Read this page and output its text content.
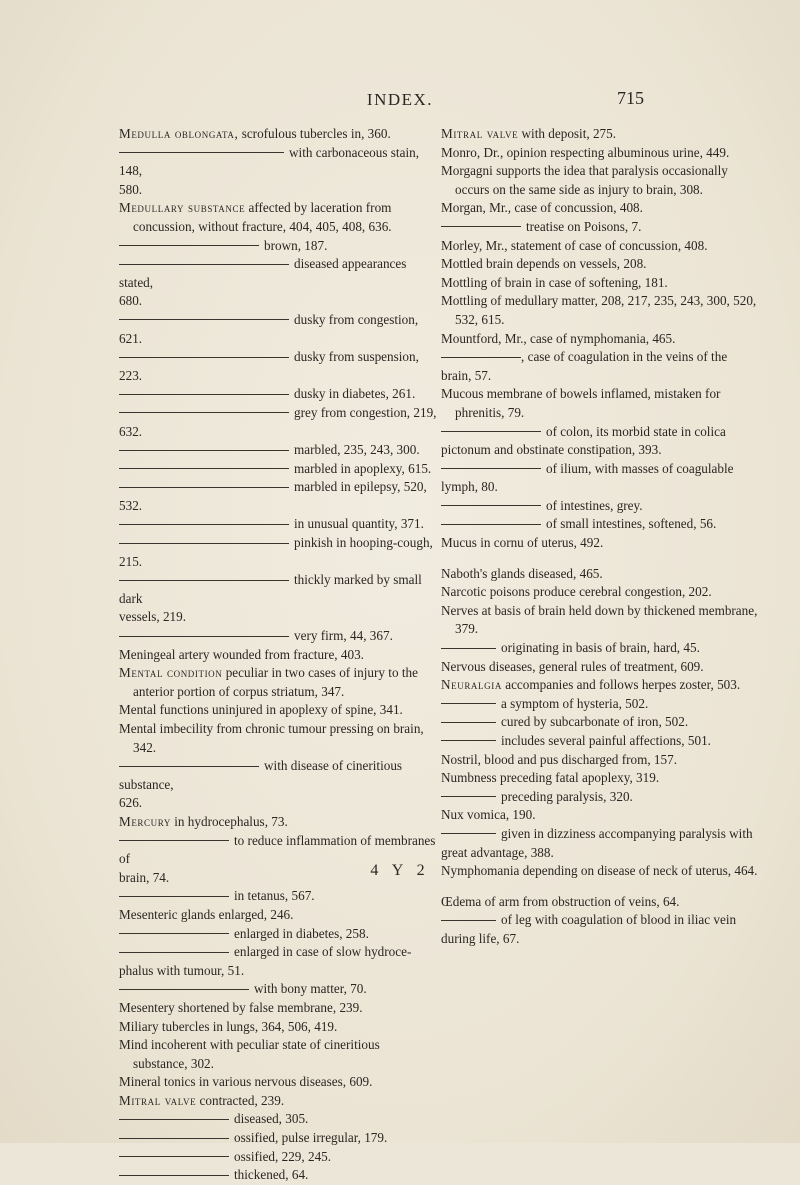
INDEX.	715

Medulla oblongata, scrofulous tubercles in, 360.

with carbonaceous stain, 148,
580.

Medullary substance affected by laceration from concussion, without fracture, 404, 405, 408, 636.

brown, 187.

diseased appearances stated,
680.

dusky from congestion, 621.

dusky from suspension, 223.

dusky in diabetes, 261.

grey from congestion, 219,
632.

marbled, 235, 243, 300.

marbled in apoplexy, 615.

marbled in epilepsy, 520, 532.

in unusual quantity, 371.

pinkish in hooping-cough, 215.

thickly marked by small dark
vessels, 219.

very firm, 44, 367.

Meningeal artery wounded from fracture, 403.

Mental condition peculiar in two cases of injury to the anterior portion of corpus striatum, 347.

Mental functions uninjured in apoplexy of spine, 341.

Mental imbecility from chronic tumour pressing on brain, 342.

with disease of cineritious substance,
626.

Mercury in hydrocephalus, 73.

to reduce inflammation of membranes of
brain, 74.

in tetanus, 567.

Mesenteric glands enlarged, 246.

enlarged in diabetes, 258.

enlarged in case of slow hydroce-
phalus with tumour, 51.

with bony matter, 70.

Mesentery shortened by false membrane, 239.

Miliary tubercles in lungs, 364, 506, 419.

Mind incoherent with peculiar state of cineritious substance, 302.

Mineral tonics in various nervous diseases, 609.

Mitral valve contracted, 239.

diseased, 305.

ossified, pulse irregular, 179.

ossified, 229, 245.

thickened, 64.

Mitral valve with deposit, 275.

Monro, Dr., opinion respecting albuminous urine, 449.

Morgagni supports the idea that paralysis occasionally occurs on the same side as injury to brain, 308.

Morgan, Mr., case of concussion, 408.

treatise on Poisons, 7.

Morley, Mr., statement of case of concussion, 408.

Mottled brain depends on vessels, 208.

Mottling of brain in case of softening, 181.

Mottling of medullary matter, 208, 217, 235, 243, 300, 520, 532, 615.

Mountford, Mr., case of nymphomania, 465.

, case of coagulation in the veins of the brain, 57.

Mucous membrane of bowels inflamed, mistaken for phrenitis, 79.

of colon, its morbid state in colica pictonum and obstinate constipation, 393.

of ilium, with masses of coagulable
lymph, 80.

of intestines, grey.

of small intestines, softened, 56.

Mucus in cornu of uterus, 492.

Naboth's glands diseased, 465.

Narcotic poisons produce cerebral congestion, 202.

Nerves at basis of brain held down by thickened membrane, 379.

originating in basis of brain, hard, 45.

Nervous diseases, general rules of treatment, 609.

Neuralgia accompanies and follows herpes zoster, 503.

a symptom of hysteria, 502.

cured by subcarbonate of iron, 502.

includes several painful affections, 501.

Nostril, blood and pus discharged from, 157.

Numbness preceding fatal apoplexy, 319.

preceding paralysis, 320.

Nux vomica, 190.

given in dizziness accompanying paralysis with great advantage, 388.

Nymphomania depending on disease of neck of uterus, 464.

Œdema of arm from obstruction of veins, 64.

of leg with coagulation of blood in iliac vein during life, 67.

4 Y 2
